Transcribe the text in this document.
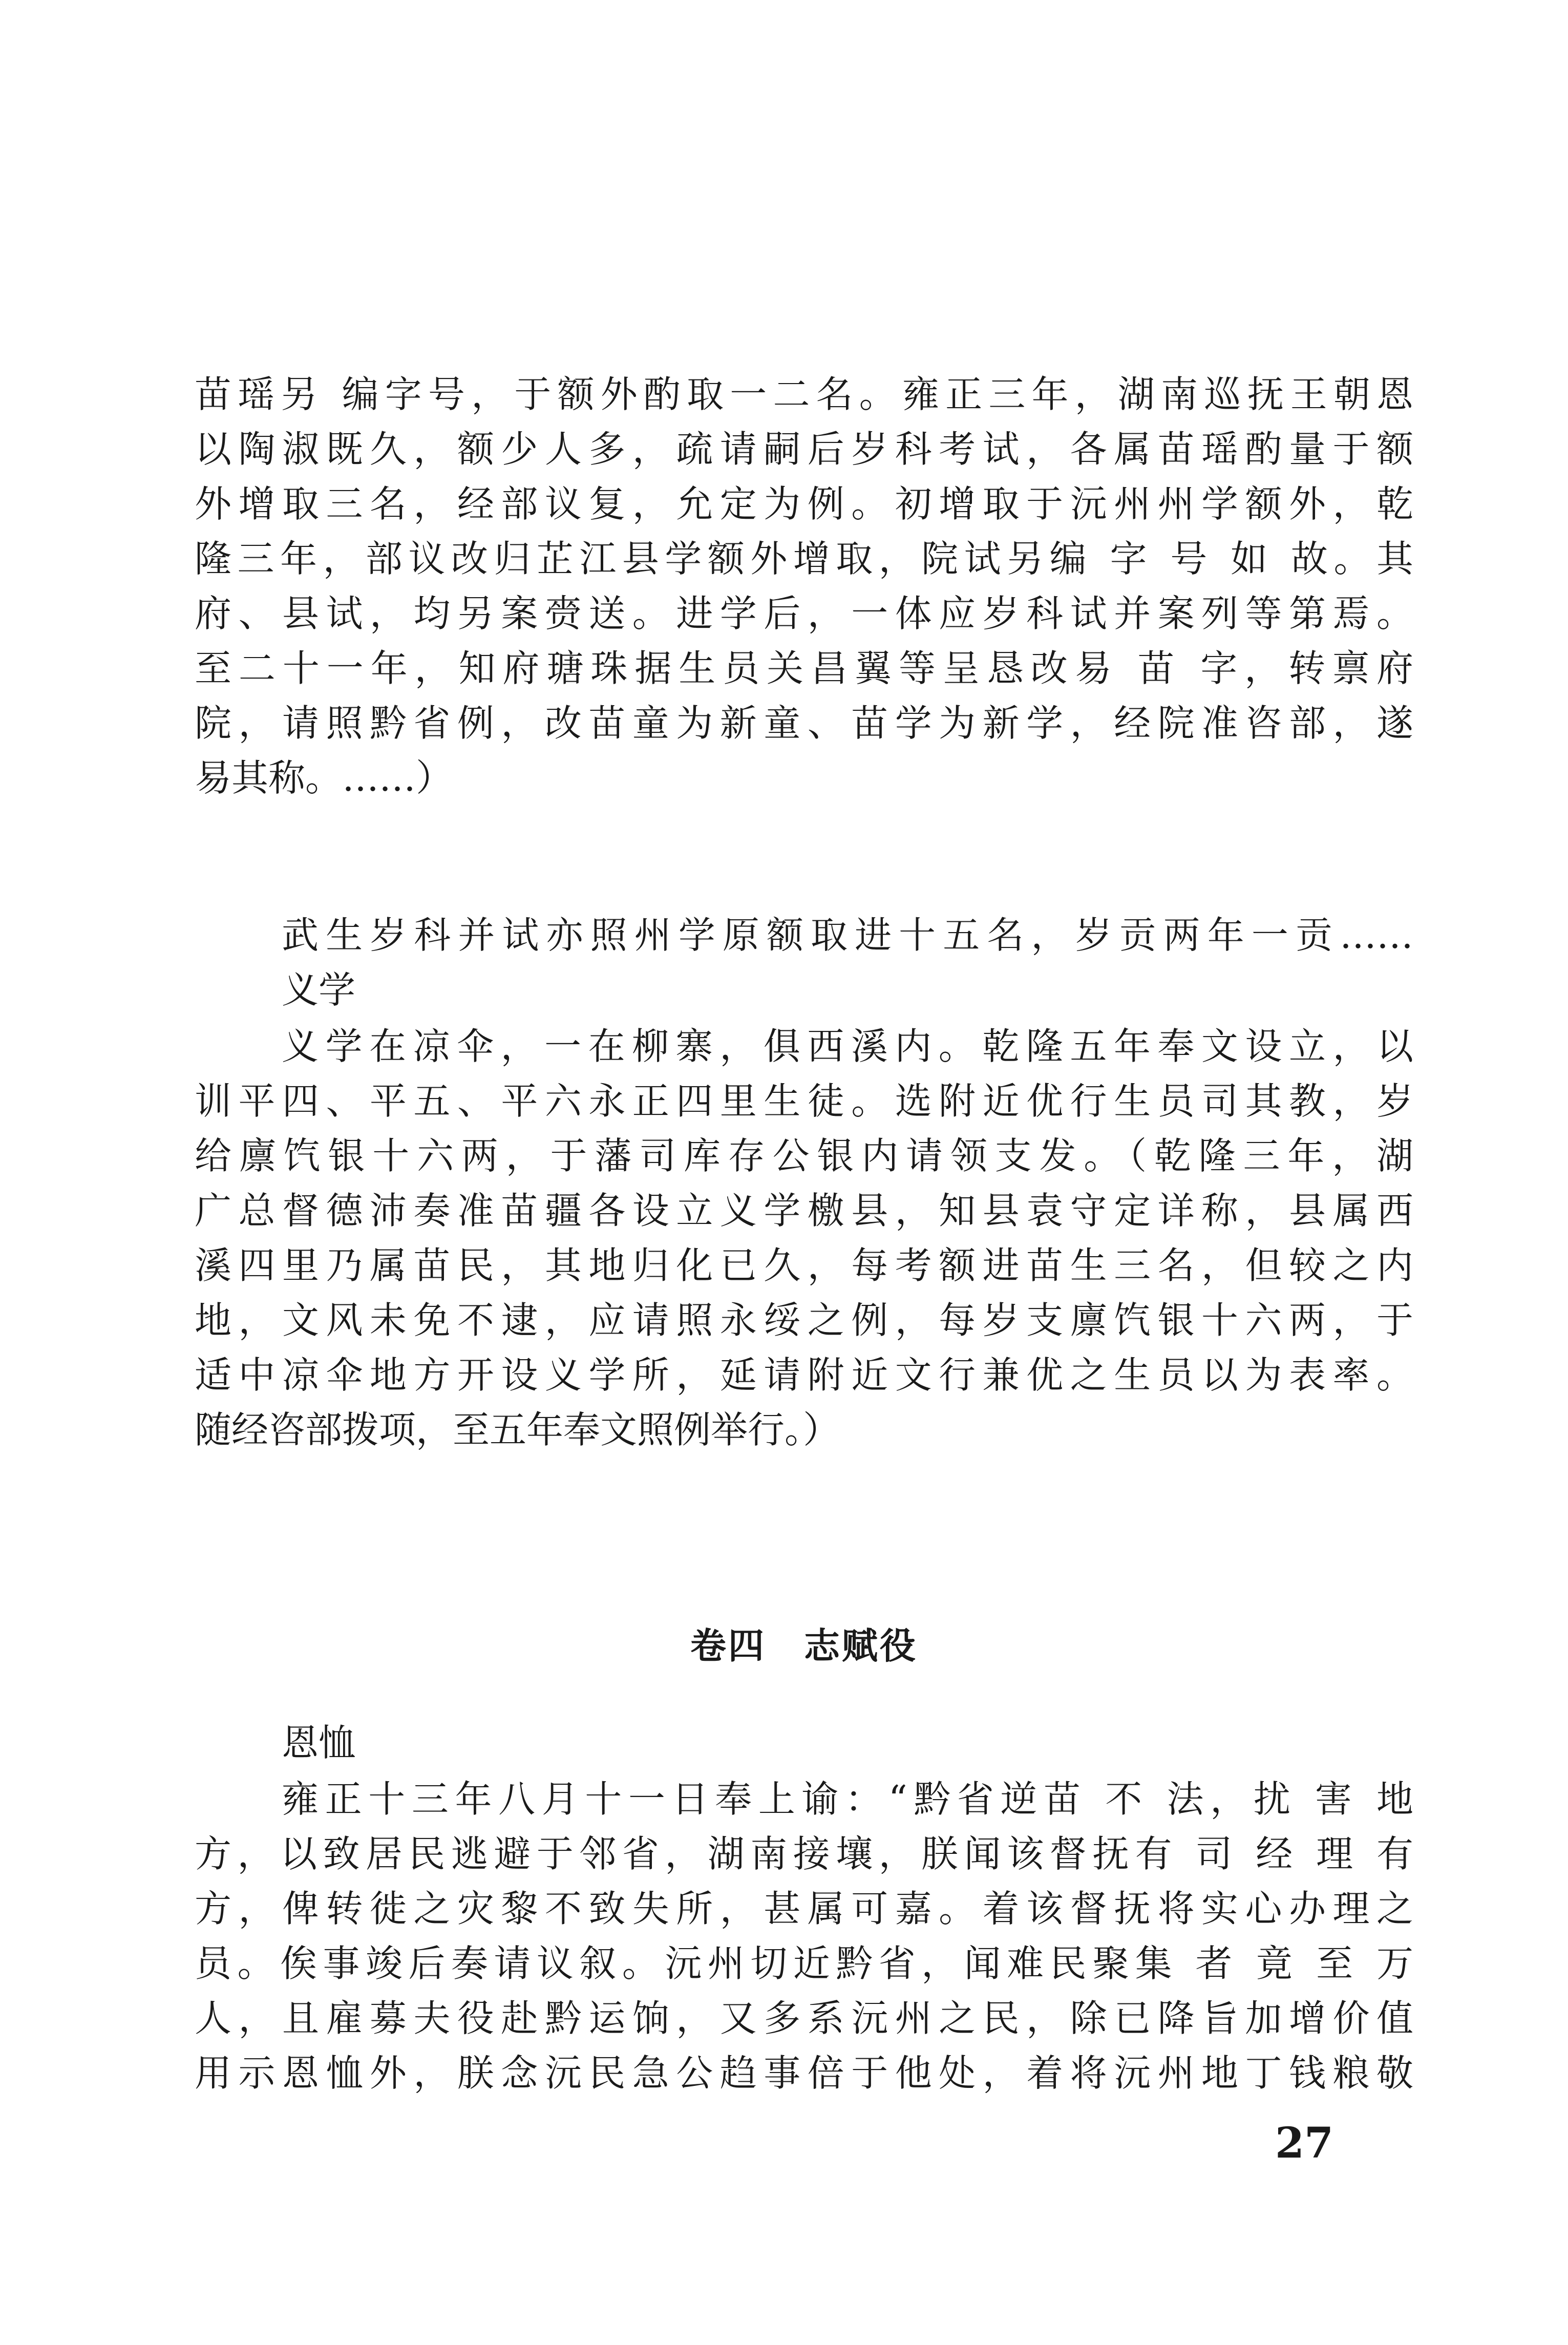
苗瑶另 编字号，于额外酌取一二名。雍正三年，湖南巡抚王朝恩
以陶淑既久，额少人多，疏请嗣后岁科考试，各属苗瑶酌量于额
外增取三名，经部议复，允定为例。初增取于沅州州学额外，乾
隆三年，部议改归芷江县学额外增取，院试另编 字 号 如 故。其
府、县试，均另案赍送。进学后，一体应岁科试并案列等第焉。
至二十一年，知府瑭珠据生员关昌翼等呈恳改易 苗 字，转禀府
院，请照黔省例，改苗童为新童、苗学为新学，经院准咨部，遂
易其称。……）
武生岁科并试亦照州学原额取进十五名，岁贡两年一贡……
义学
义学在凉伞，一在柳寨，俱西溪内。乾隆五年奉文设立，以
训平四、平五、平六永正四里生徒。选附近优行生员司其教，岁
给廪饩银十六两，于藩司库存公银内请领支发。（乾隆三年，湖
广总督德沛奏准苗疆各设立义学檄县，知县袁守定详称，县属西
溪四里乃属苗民，其地归化已久，每考额进苗生三名，但较之内
地，文风未免不逮，应请照永绥之例，每岁支廪饩银十六两，于
适中凉伞地方开设义学所，延请附近文行兼优之生员以为表率。
随经咨部拨项，至五年奉文照例举行。）
卷四　志赋役
恩恤
雍正十三年八月十一日奉上谕：“黔省逆苗 不 法，扰 害 地
方，以致居民逃避于邻省，湖南接壤，朕闻该督抚有 司 经 理 有
方，俾转徙之灾黎不致失所，甚属可嘉。着该督抚将实心办理之
员。俟事竣后奏请议叙。沅州切近黔省，闻难民聚集 者 竟 至 万
人，且雇募夫役赴黔运饷，又多系沅州之民，除已降旨加增价值
用示恩恤外，朕念沅民急公趋事倍于他处，着将沅州地丁钱粮敬
27
